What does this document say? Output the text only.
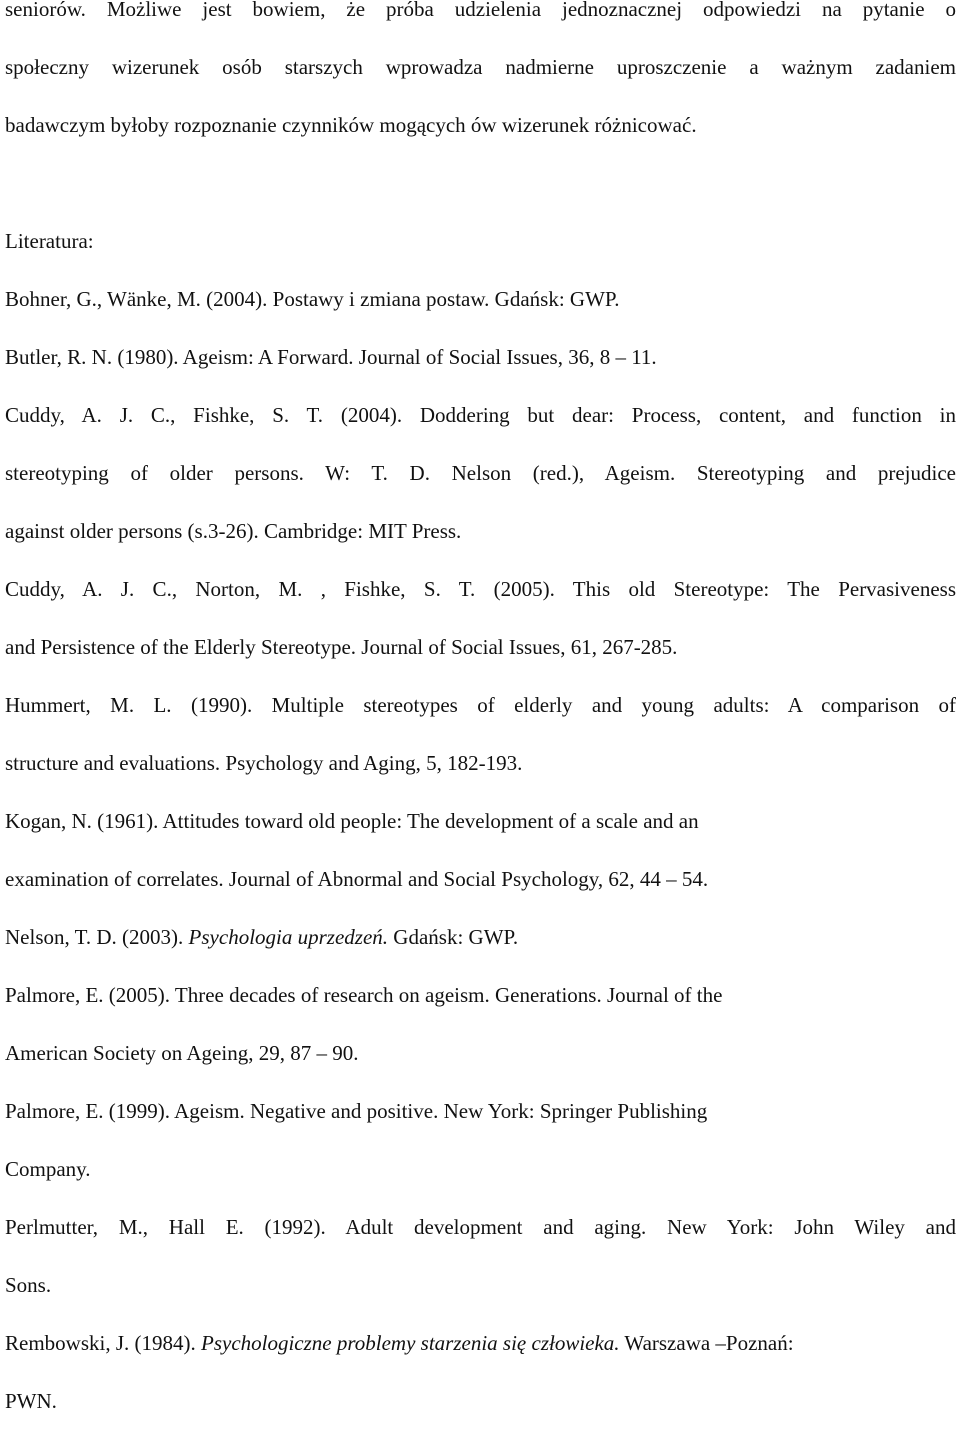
seniorów. Możliwe jest bowiem, że próba udzielenia jednoznacznej odpowiedzi na pytanie o
społeczny wizerunek osób starszych wprowadza nadmierne uproszczenie a ważnym zadaniem
badawczym byłoby rozpoznanie czynników mogących ów wizerunek różnicować.
Literatura:
Bohner, G., Wänke, M. (2004). Postawy i zmiana postaw. Gdańsk: GWP.
Butler, R. N. (1980). Ageism: A Forward. Journal of Social Issues, 36, 8 – 11.
Cuddy, A. J. C., Fishke, S. T. (2004). Doddering but dear: Process, content, and function in
stereotyping of older persons. W: T. D. Nelson (red.), Ageism. Stereotyping and prejudice
against older persons (s.3-26). Cambridge: MIT Press.
Cuddy, A. J. C., Norton, M. , Fishke, S. T. (2005). This old Stereotype: The Pervasiveness
and Persistence of the Elderly Stereotype. Journal of Social Issues, 61, 267-285.
Hummert, M. L. (1990). Multiple stereotypes of elderly and young adults: A comparison of
structure and evaluations. Psychology and Aging, 5, 182-193.
Kogan, N. (1961). Attitudes toward old people: The development of a scale and an
examination of correlates. Journal of Abnormal and Social Psychology, 62, 44 – 54.
Nelson, T. D. (2003). Psychologia uprzedzeń. Gdańsk: GWP.
Palmore, E. (2005). Three decades of research on ageism. Generations. Journal of the
American Society on Ageing, 29, 87 – 90.
Palmore, E. (1999). Ageism. Negative and positive. New York: Springer Publishing
Company.
Perlmutter, M., Hall E. (1992). Adult development and aging. New York: John Wiley and
Sons.
Rembowski, J. (1984). Psychologiczne problemy starzenia się człowieka. Warszawa –Poznań:
PWN.
